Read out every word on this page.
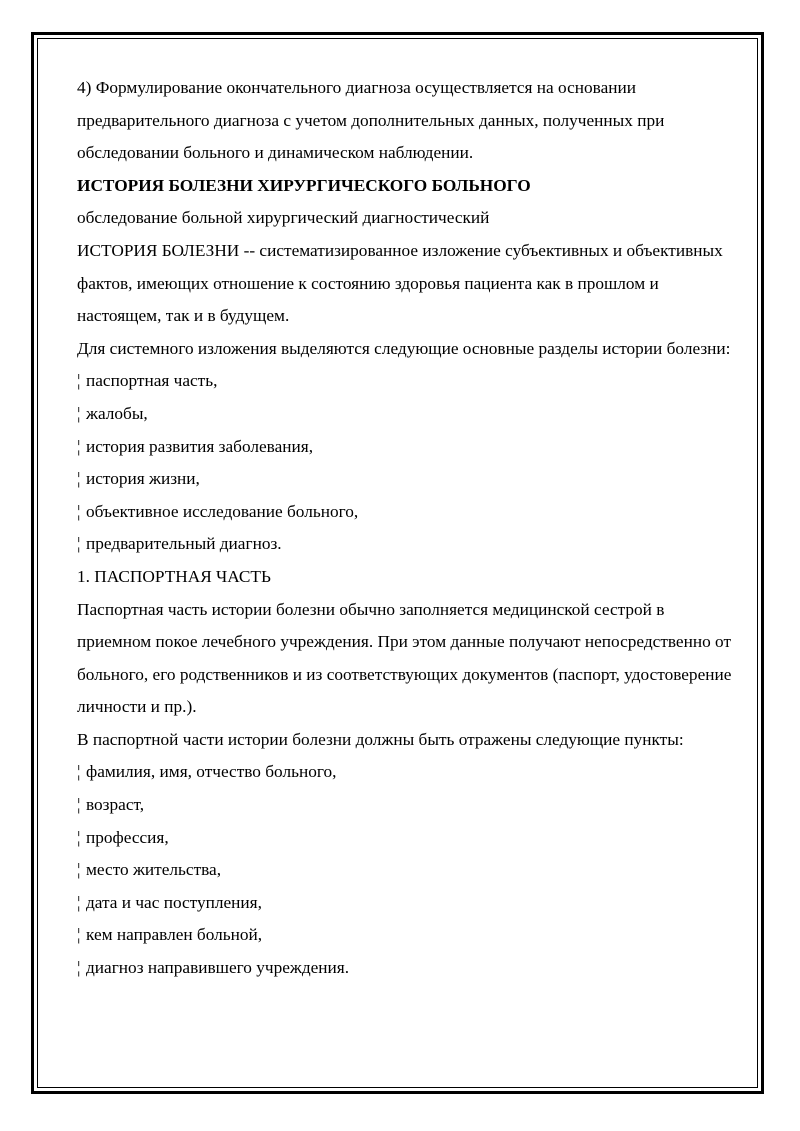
4) Формулирование окончательного диагноза осуществляется на основании предварительного диагноза с учетом дополнительных данных, полученных при обследовании больного и динамическом наблюдении.

ИСТОРИЯ БОЛЕЗНИ ХИРУРГИЧЕСКОГО БОЛЬНОГО

обследование больной хирургический диагностический

ИСТОРИЯ БОЛЕЗНИ -- систематизированное изложение субъективных и объективных фактов, имеющих отношение к состоянию здоровья пациента как в прошлом и настоящем, так и в будущем.

Для системного изложения выделяются следующие основные разделы истории болезни:

¦ паспортная часть,

¦ жалобы,

¦ история развития заболевания,

¦ история жизни,

¦ объективное исследование больного,

¦ предварительный диагноз.

1. ПАСПОРТНАЯ ЧАСТЬ

Паспортная часть истории болезни обычно заполняется медицинской сестрой в приемном покое лечебного учреждения. При этом данные получают непосредственно от больного, его родственников и из соответствующих документов (паспорт, удостоверение личности и пр.).

В паспортной части истории болезни должны быть отражены следующие пункты:

¦ фамилия, имя, отчество больного,

¦ возраст,

¦ профессия,

¦ место жительства,

¦ дата и час поступления,

¦ кем направлен больной,

¦ диагноз направившего учреждения.
